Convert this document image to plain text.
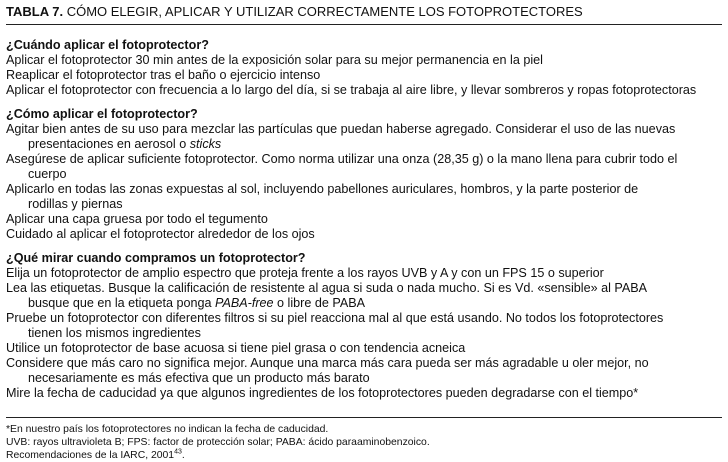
TABLA 7. CÓMO ELEGIR, APLICAR Y UTILIZAR CORRECTAMENTE LOS FOTOPROTECTORES
¿Cuándo aplicar el fotoprotector?
Aplicar el fotoprotector 30 min antes de la exposición solar para su mejor permanencia en la piel
Reaplicar el fotoprotector tras el baño o ejercicio intenso
Aplicar el fotoprotector con frecuencia a lo largo del día, si se trabaja al aire libre, y llevar sombreros y ropas fotoprotectoras
¿Cómo aplicar el fotoprotector?
Agitar bien antes de su uso para mezclar las partículas que puedan haberse agregado. Considerar el uso de las nuevas
presentaciones en aerosol o sticks
Asegúrese de aplicar suficiente fotoprotector. Como norma utilizar una onza (28,35 g) o la mano llena para cubrir todo el
cuerpo
Aplicarlo en todas las zonas expuestas al sol, incluyendo pabellones auriculares, hombros, y la parte posterior de
rodillas y piernas
Aplicar una capa gruesa por todo el tegumento
Cuidado al aplicar el fotoprotector alrededor de los ojos
¿Qué mirar cuando compramos un fotoprotector?
Elija un fotoprotector de amplio espectro que proteja frente a los rayos UVB y A y con un FPS 15 o superior
Lea las etiquetas. Busque la calificación de resistente al agua si suda o nada mucho. Si es Vd. «sensible» al PABA
busque que en la etiqueta ponga PABA-free o libre de PABA
Pruebe un fotoprotector con diferentes filtros si su piel reacciona mal al que está usando. No todos los fotoprotectores
tienen los mismos ingredientes
Utilice un fotoprotector de base acuosa si tiene piel grasa o con tendencia acneica
Considere que más caro no significa mejor. Aunque una marca más cara pueda ser más agradable u oler mejor, no
necesariamente es más efectiva que un producto más barato
Mire la fecha de caducidad ya que algunos ingredientes de los fotoprotectores pueden degradarse con el tiempo*
*En nuestro país los fotoprotectores no indican la fecha de caducidad.
UVB: rayos ultravioleta B; FPS: factor de protección solar; PABA: ácido paraaminobenzoico.
Recomendaciones de la IARC, 2001$^{43}$.
